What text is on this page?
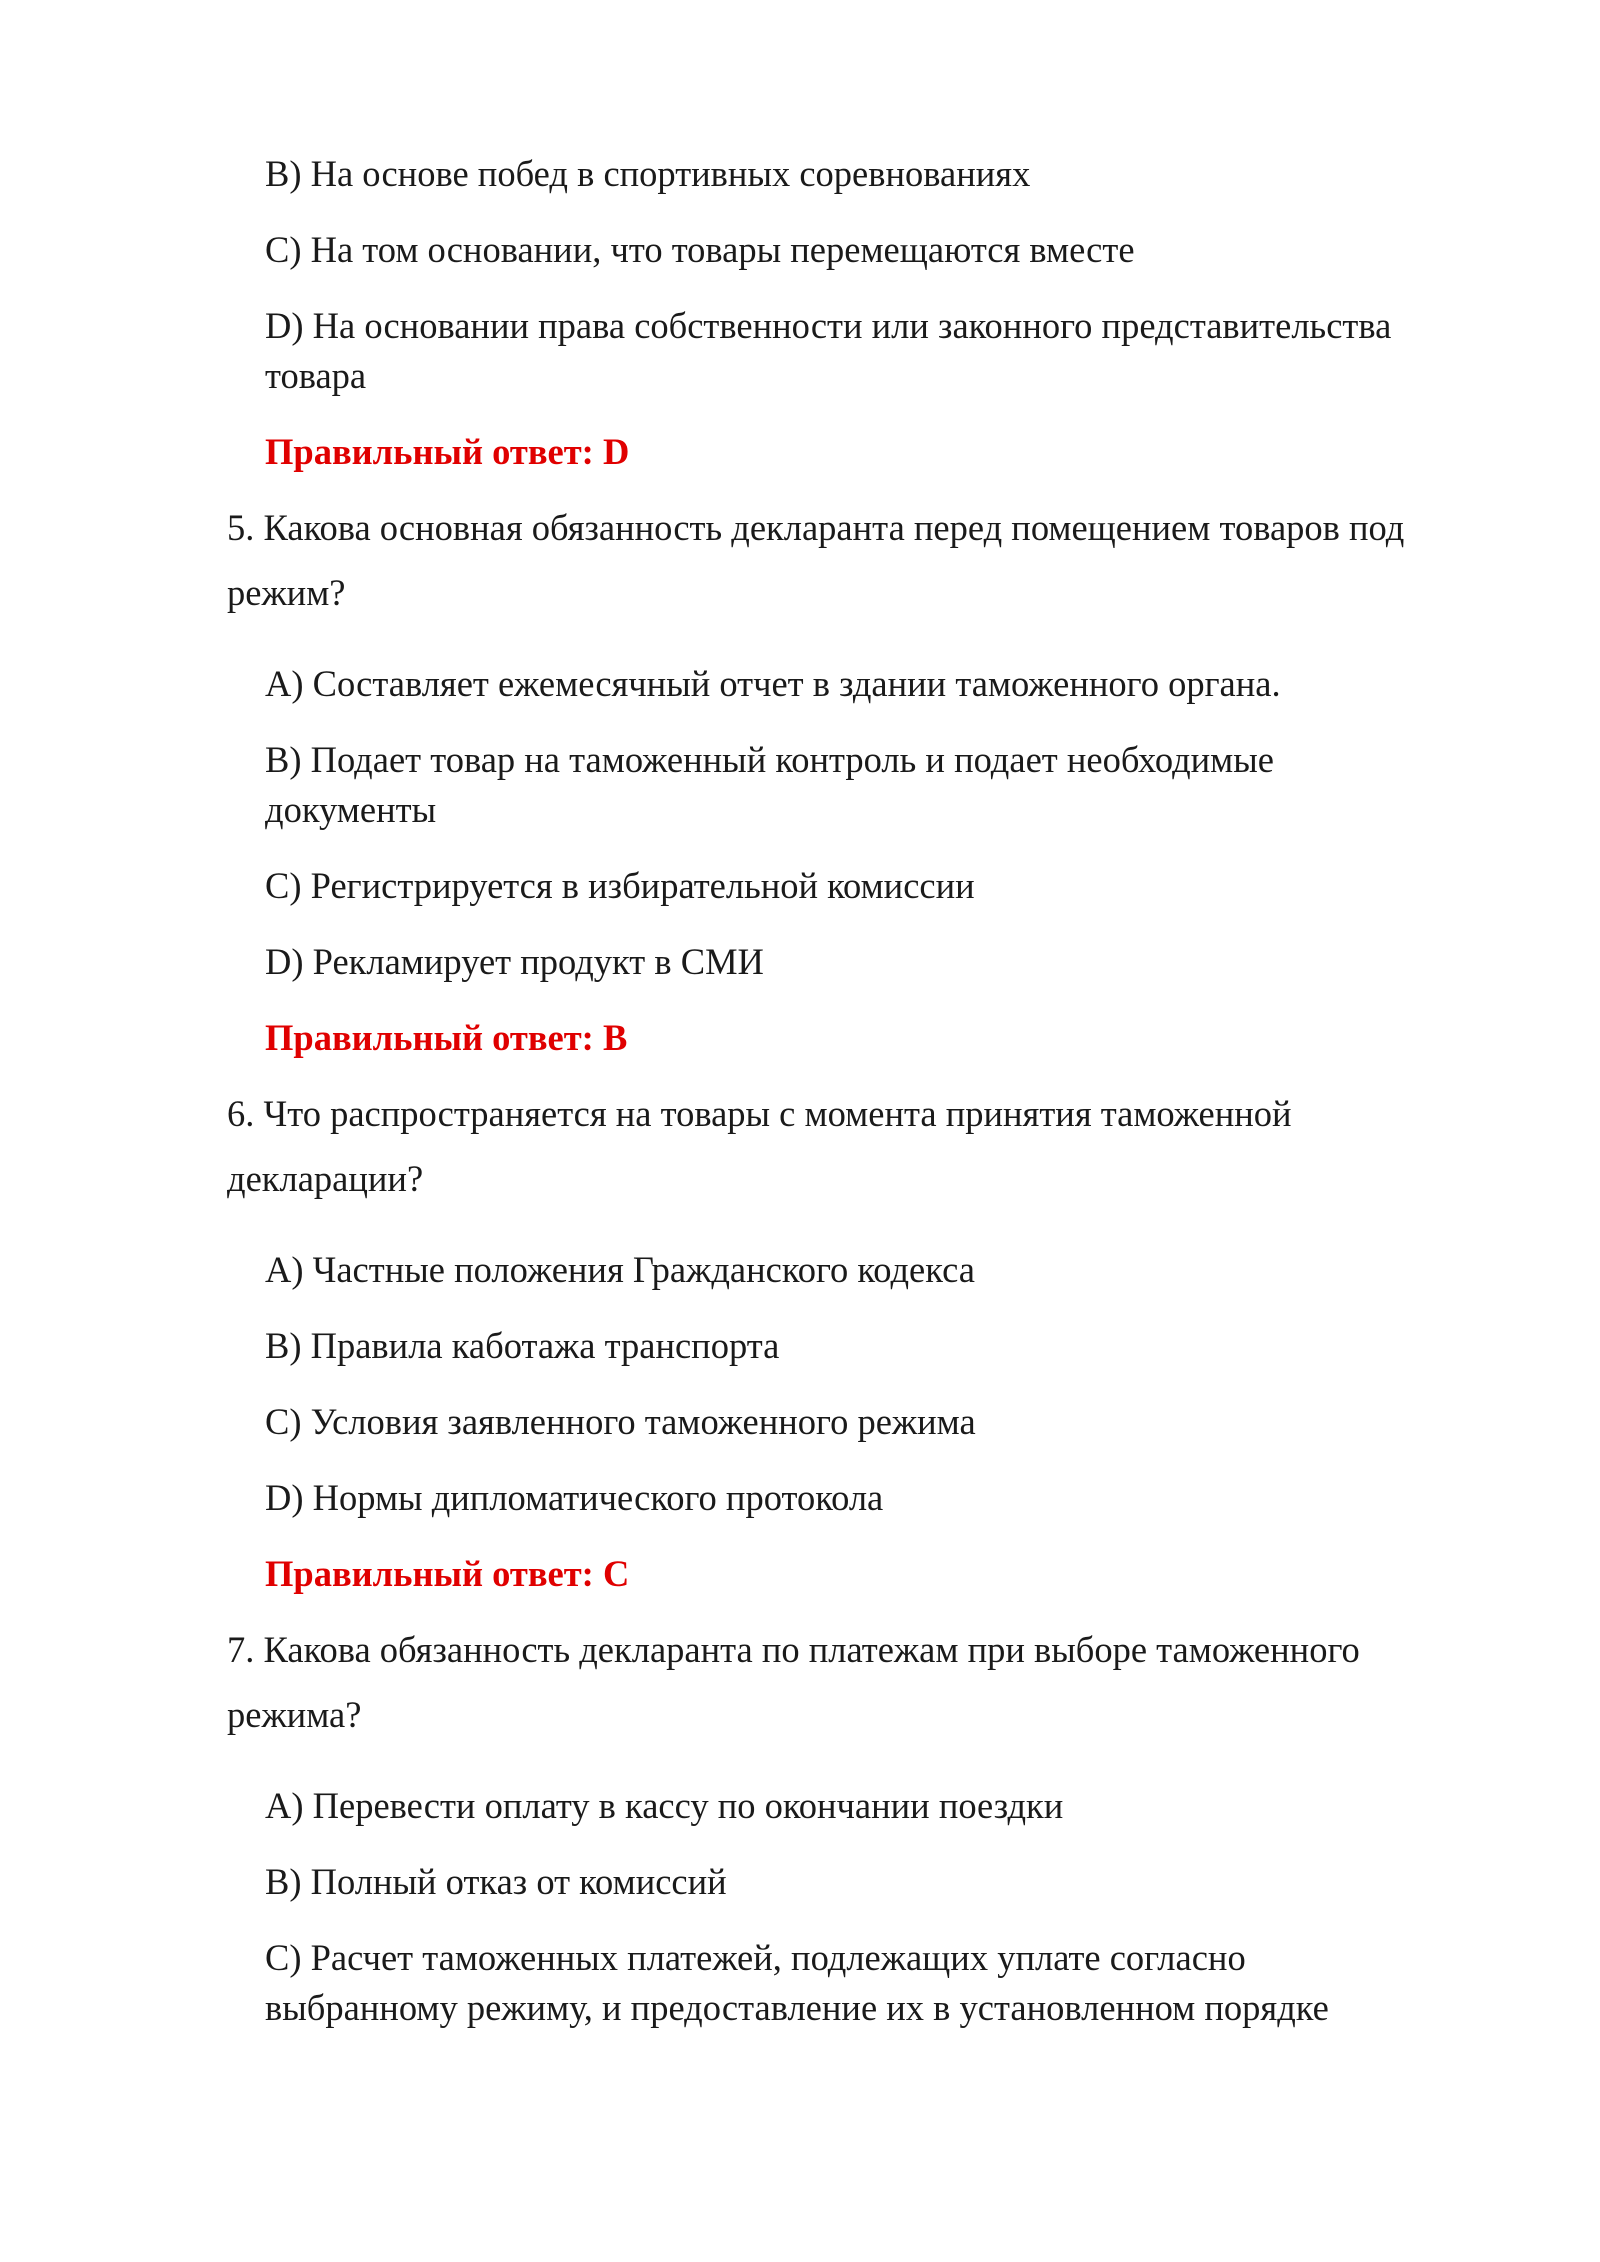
B) На основе побед в спортивных соревнованиях

C) На том основании, что товары перемещаются вместе

D) На основании права собственности или законного представительства

товара

Правильный ответ: D

5. Какова основная обязанность декларанта перед помещением товаров под

режим?

A) Составляет ежемесячный отчет в здании таможенного органа.

B) Подает товар на таможенный контроль и подает необходимые

документы

C) Регистрируется в избирательной комиссии

D) Рекламирует продукт в СМИ

Правильный ответ: B

6. Что распространяется на товары с момента принятия таможенной

декларации?

A) Частные положения Гражданского кодекса

B) Правила каботажа транспорта

C) Условия заявленного таможенного режима

D) Нормы дипломатического протокола

Правильный ответ: C

7. Какова обязанность декларанта по платежам при выборе таможенного

режима?

A) Перевести оплату в кассу по окончании поездки

B) Полный отказ от комиссий

C) Расчет таможенных платежей, подлежащих уплате согласно

выбранному режиму, и предоставление их в установленном порядке
